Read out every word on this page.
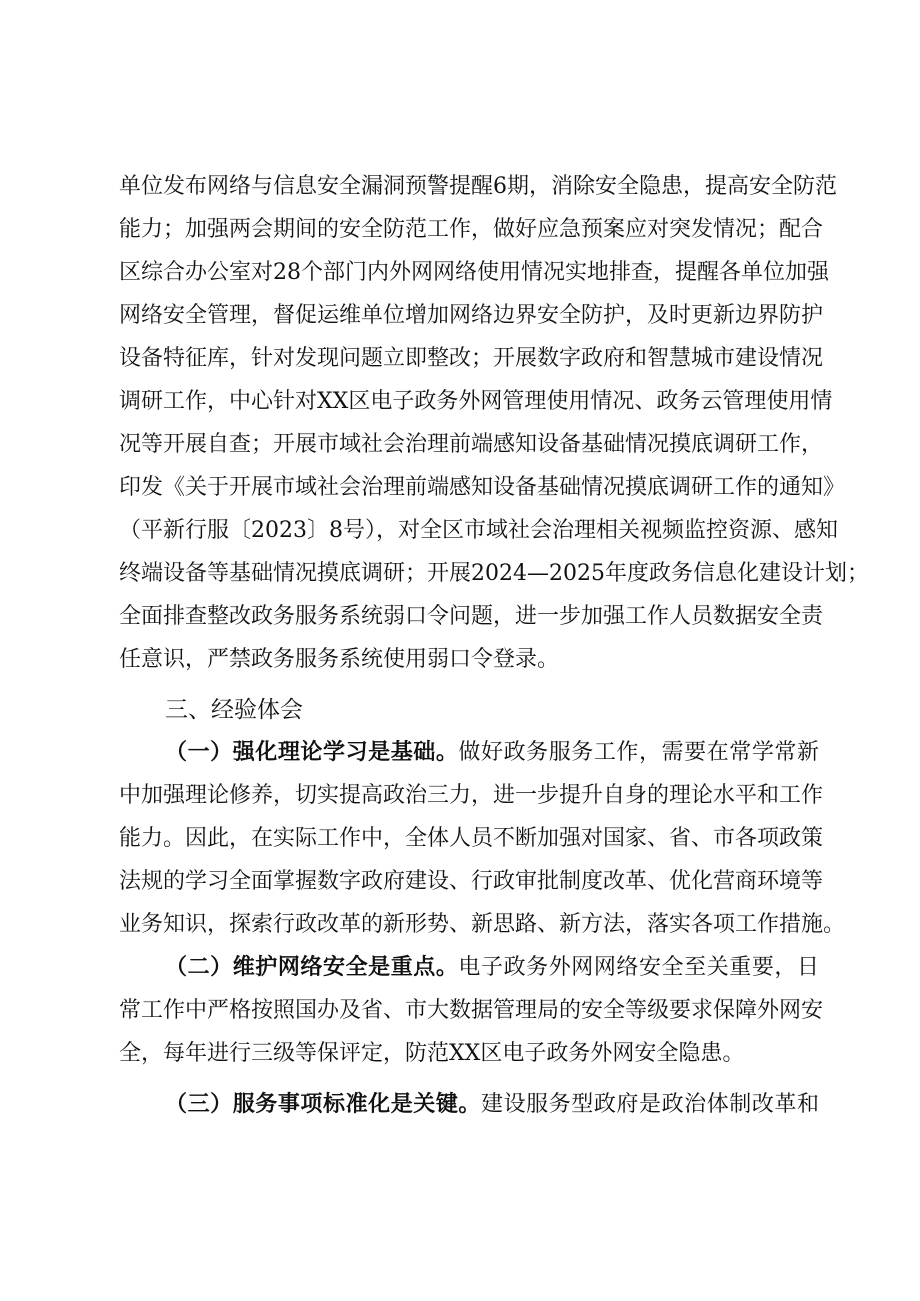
单位发布网络与信息安全漏洞预警提醒6期，消除安全隐患，提高安全防范
能力；加强两会期间的安全防范工作，做好应急预案应对突发情况；配合
区综合办公室对28个部门内外网网络使用情况实地排查，提醒各单位加强
网络安全管理，督促运维单位增加网络边界安全防护，及时更新边界防护
设备特征库，针对发现问题立即整改；开展数字政府和智慧城市建设情况
调研工作，中心针对XX区电子政务外网管理使用情况、政务云管理使用情
况等开展自查；开展市域社会治理前端感知设备基础情况摸底调研工作，
印发《关于开展市域社会治理前端感知设备基础情况摸底调研工作的通知》
（平新行服〔2023〕8号），对全区市域社会治理相关视频监控资源、感知
终端设备等基础情况摸底调研；开展2024—2025年度政务信息化建设计划；
全面排查整改政务服务系统弱口令问题，进一步加强工作人员数据安全责
任意识，严禁政务服务系统使用弱口令登录。
三、经验体会
（一）强化理论学习是基础。做好政务服务工作，需要在常学常新
中加强理论修养，切实提高政治三力，进一步提升自身的理论水平和工作
能力。因此，在实际工作中，全体人员不断加强对国家、省、市各项政策
法规的学习全面掌握数字政府建设、行政审批制度改革、优化营商环境等
业务知识，探索行政改革的新形势、新思路、新方法，落实各项工作措施。
（二）维护网络安全是重点。电子政务外网网络安全至关重要，日
常工作中严格按照国办及省、市大数据管理局的安全等级要求保障外网安
全，每年进行三级等保评定，防范XX区电子政务外网安全隐患。
（三）服务事项标准化是关键。建设服务型政府是政治体制改革和
